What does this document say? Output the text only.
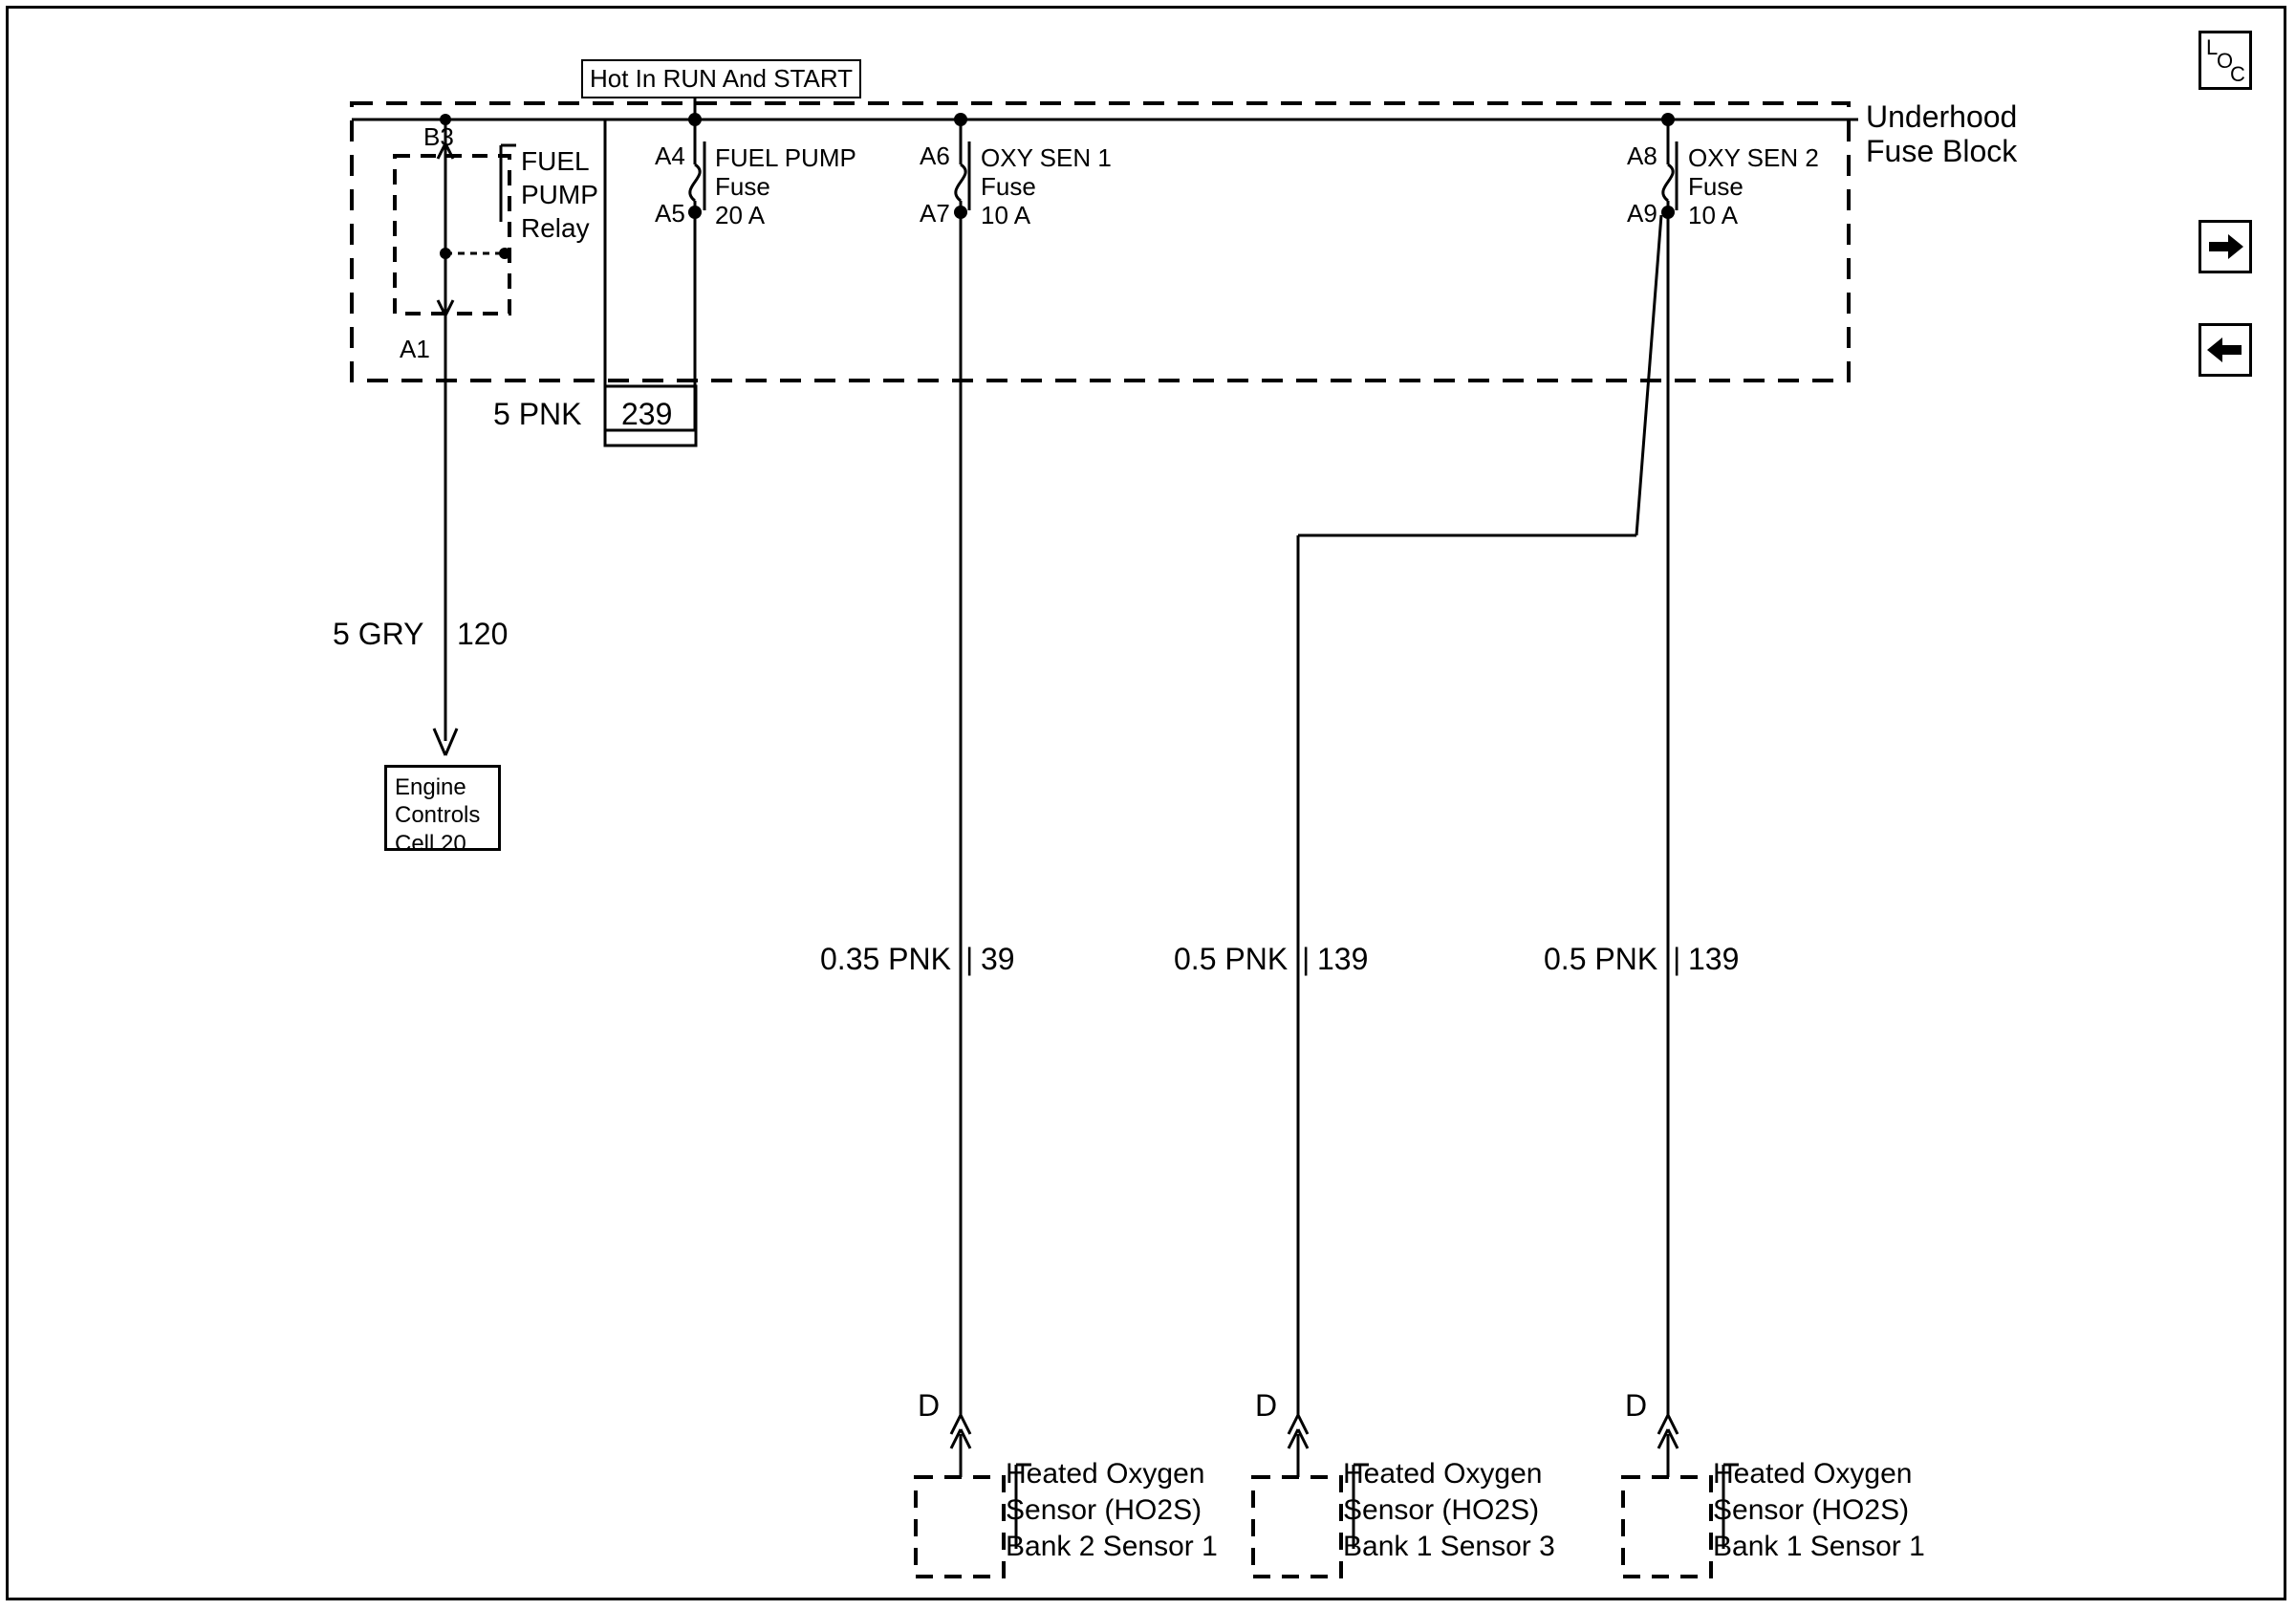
Hot In RUN And START
Underhood
Fuse Block
B3
A1
FUEL
PUMP
Relay
A4
A5
FUEL PUMP
Fuse
20 A
A6
A7
OXY SEN 1
Fuse
10 A
A8
A9
OXY SEN 2
Fuse
10 A
5 PNK 239
5 GRY 120
|
0.35 PNK | 39	0.5 PNK | 139	0.5 PNK | 139
Engine
Controls
Cell 20
D	D	D
Heated Oxygen
Sensor (HO2S)
Bank 2 Sensor 1
Heated Oxygen
Sensor (HO2S)
Bank 1 Sensor 3
Heated Oxygen
Sensor (HO2S)
Bank 1 Sensor 1
L
O
C
